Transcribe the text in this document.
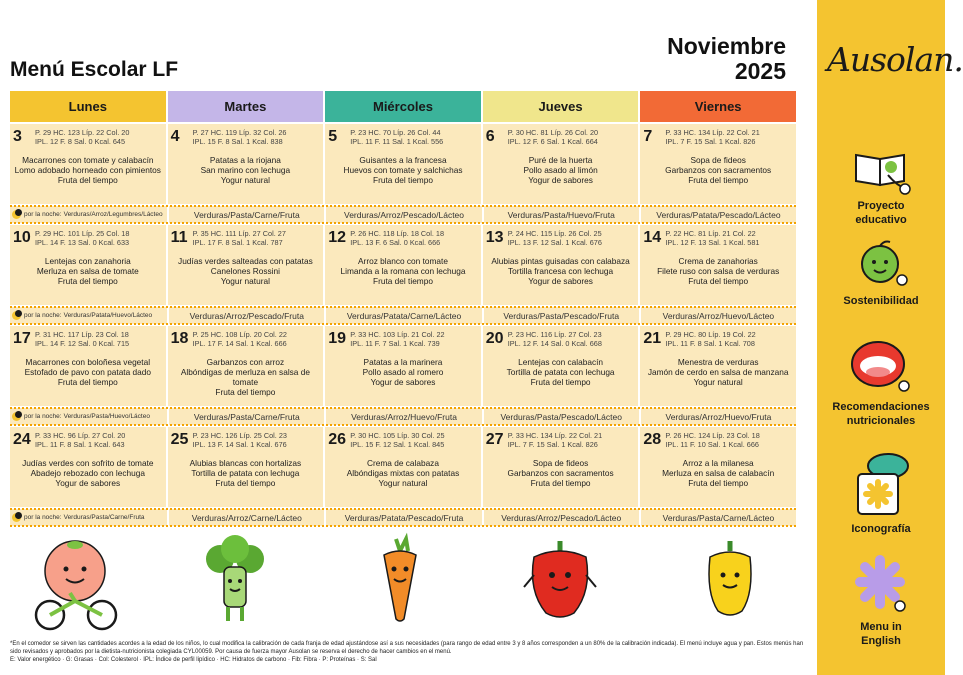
Ausolan.
Proyecto educativo
Sostenibilidad
Recomendaciones nutricionales
Iconografía
Menu in English
Menú Escolar LF
Noviembre
2025
Lunes	Martes	Miércoles	Jueves	Viernes
3	P. 29 HC. 123 Líp. 22 Col. 20
IPL. 12 F. 8 Sal. 0 Kcal. 645
Macarrones con tomate y calabacín
Lomo adobado horneado con pimientos
Fruta del tiempo
4	P. 27 HC. 119 Líp. 32 Col. 26
IPL. 15 F. 8 Sal. 1 Kcal. 838
Patatas a la riojana
San marino con lechuga
Yogur natural
5	P. 23 HC. 70 Líp. 26 Col. 44
IPL. 11 F. 11 Sal. 1 Kcal. 556
Guisantes a la francesa
Huevos con tomate y salchichas
Fruta del tiempo
6	P. 30 HC. 81 Líp. 26 Col. 20
IPL. 12 F. 6 Sal. 1 Kcal. 664
Puré de la huerta
Pollo asado al limón
Yogur de sabores
7	P. 33 HC. 134 Líp. 22 Col. 21
IPL. 7 F. 15 Sal. 1 Kcal. 826
Sopa de fideos
Garbanzos con sacramentos
Fruta del tiempo
por la noche: Verduras/Arroz/Legumbres/Lácteo	Verduras/Pasta/Carne/Fruta	Verduras/Arroz/Pescado/Lácteo	Verduras/Pasta/Huevo/Fruta	Verduras/Patata/Pescado/Lácteo
10 P. 29 HC. 101 Líp. 25 Col. 18
IPL. 14 F. 13 Sal. 0 Kcal. 633
Lentejas con zanahoria
Merluza en salsa de tomate
Fruta del tiempo
11 P. 35 HC. 111 Líp. 27 Col. 27
IPL. 17 F. 8 Sal. 1 Kcal. 787
Judías verdes salteadas con patatas
Canelones Rossini
Yogur natural
12 P. 26 HC. 118 Líp. 18 Col. 18
IPL. 13 F. 6 Sal. 0 Kcal. 666
Arroz blanco con tomate
Limanda a la romana con lechuga
Fruta del tiempo
13 P. 24 HC. 115 Líp. 26 Col. 25
IPL. 13 F. 12 Sal. 1 Kcal. 676
Alubias pintas guisadas con calabaza
Tortilla francesa con lechuga
Yogur de sabores
14 P. 22 HC. 81 Líp. 21 Col. 22
IPL. 12 F. 13 Sal. 1 Kcal. 581
Crema de zanahorias
Filete ruso con salsa de verduras
Fruta del tiempo
por la noche: Verduras/Patata/Huevo/Lácteo	Verduras/Arroz/Pescado/Fruta	Verduras/Patata/Carne/Lácteo	Verduras/Pasta/Pescado/Fruta	Verduras/Arroz/Huevo/Lácteo
17 P. 31 HC. 117 Líp. 23 Col. 18
IPL. 14 F. 12 Sal. 0 Kcal. 715
Macarrones con boloñesa vegetal
Estofado de pavo con patata dado
Fruta del tiempo
18 P. 25 HC. 108 Líp. 20 Col. 22
IPL. 17 F. 14 Sal. 1 Kcal. 666
Garbanzos con arroz
Albóndigas de merluza en salsa de tomate
Fruta del tiempo
19 P. 33 HC. 103 Líp. 21 Col. 22
IPL. 11 F. 7 Sal. 1 Kcal. 739
Patatas a la marinera
Pollo asado al romero
Yogur de sabores
20 P. 23 HC. 116 Líp. 27 Col. 23
IPL. 12 F. 14 Sal. 0 Kcal. 668
Lentejas con calabacín
Tortilla de patata con lechuga
Fruta del tiempo
21 P. 29 HC. 80 Líp. 19 Col. 22
IPL. 11 F. 8 Sal. 1 Kcal. 708
Menestra de verduras
Jamón de cerdo en salsa de manzana
Yogur natural
por la noche: Verduras/Pasta/Huevo/Lácteo	Verduras/Pasta/Carne/Fruta	Verduras/Arroz/Huevo/Fruta	Verduras/Pasta/Pescado/Lácteo	Verduras/Arroz/Huevo/Fruta
24 P. 33 HC. 96 Líp. 27 Col. 20
IPL. 11 F. 8 Sal. 1 Kcal. 643
Judías verdes con sofrito de tomate
Abadejo rebozado con lechuga
Yogur de sabores
25 P. 23 HC. 126 Líp. 25 Col. 23
IPL. 13 F. 14 Sal. 1 Kcal. 676
Alubias blancas con hortalizas
Tortilla de patata con lechuga
Fruta del tiempo
26 P. 30 HC. 105 Líp. 30 Col. 25
IPL. 15 F. 12 Sal. 1 Kcal. 845
Crema de calabaza
Albóndigas mixtas con patatas
Yogur natural
27 P. 33 HC. 134 Líp. 22 Col. 21
IPL. 7 F. 15 Sal. 1 Kcal. 826
Sopa de fideos
Garbanzos con sacramentos
Fruta del tiempo
28 P. 26 HC. 124 Líp. 23 Col. 18
IPL. 11 F. 10 Sal. 1 Kcal. 666
Arroz a la milanesa
Merluza en salsa de calabacín
Fruta del tiempo
por la noche: Verduras/Pasta/Carne/Fruta	Verduras/Arroz/Carne/Lácteo	Verduras/Patata/Pescado/Fruta	Verduras/Arroz/Pescado/Lácteo	Verduras/Pasta/Carne/Lácteo

*En el comedor se sirven las cantidades acordes a la edad de los niños, lo cual modifica la calibración de cada franja de edad ajustándose así a sus necesidades (para rango de edad entre 3 y 8 años corresponden a un 80% de la calibración indicada). El menú incluye agua y pan. Estos menús han sido revisados y aprobados por la dietista-nutricionista colegiada CYL00059. Por causa de fuerza mayor Ausolan se reserva el derecho de hacer cambios en el menú.

E: Valor energético · G: Grasas · Col: Colesterol · IPL: Índice de perfil lipídico · HC: Hidratos de carbono · Fib: Fibra · P: Proteínas · S: Sal
